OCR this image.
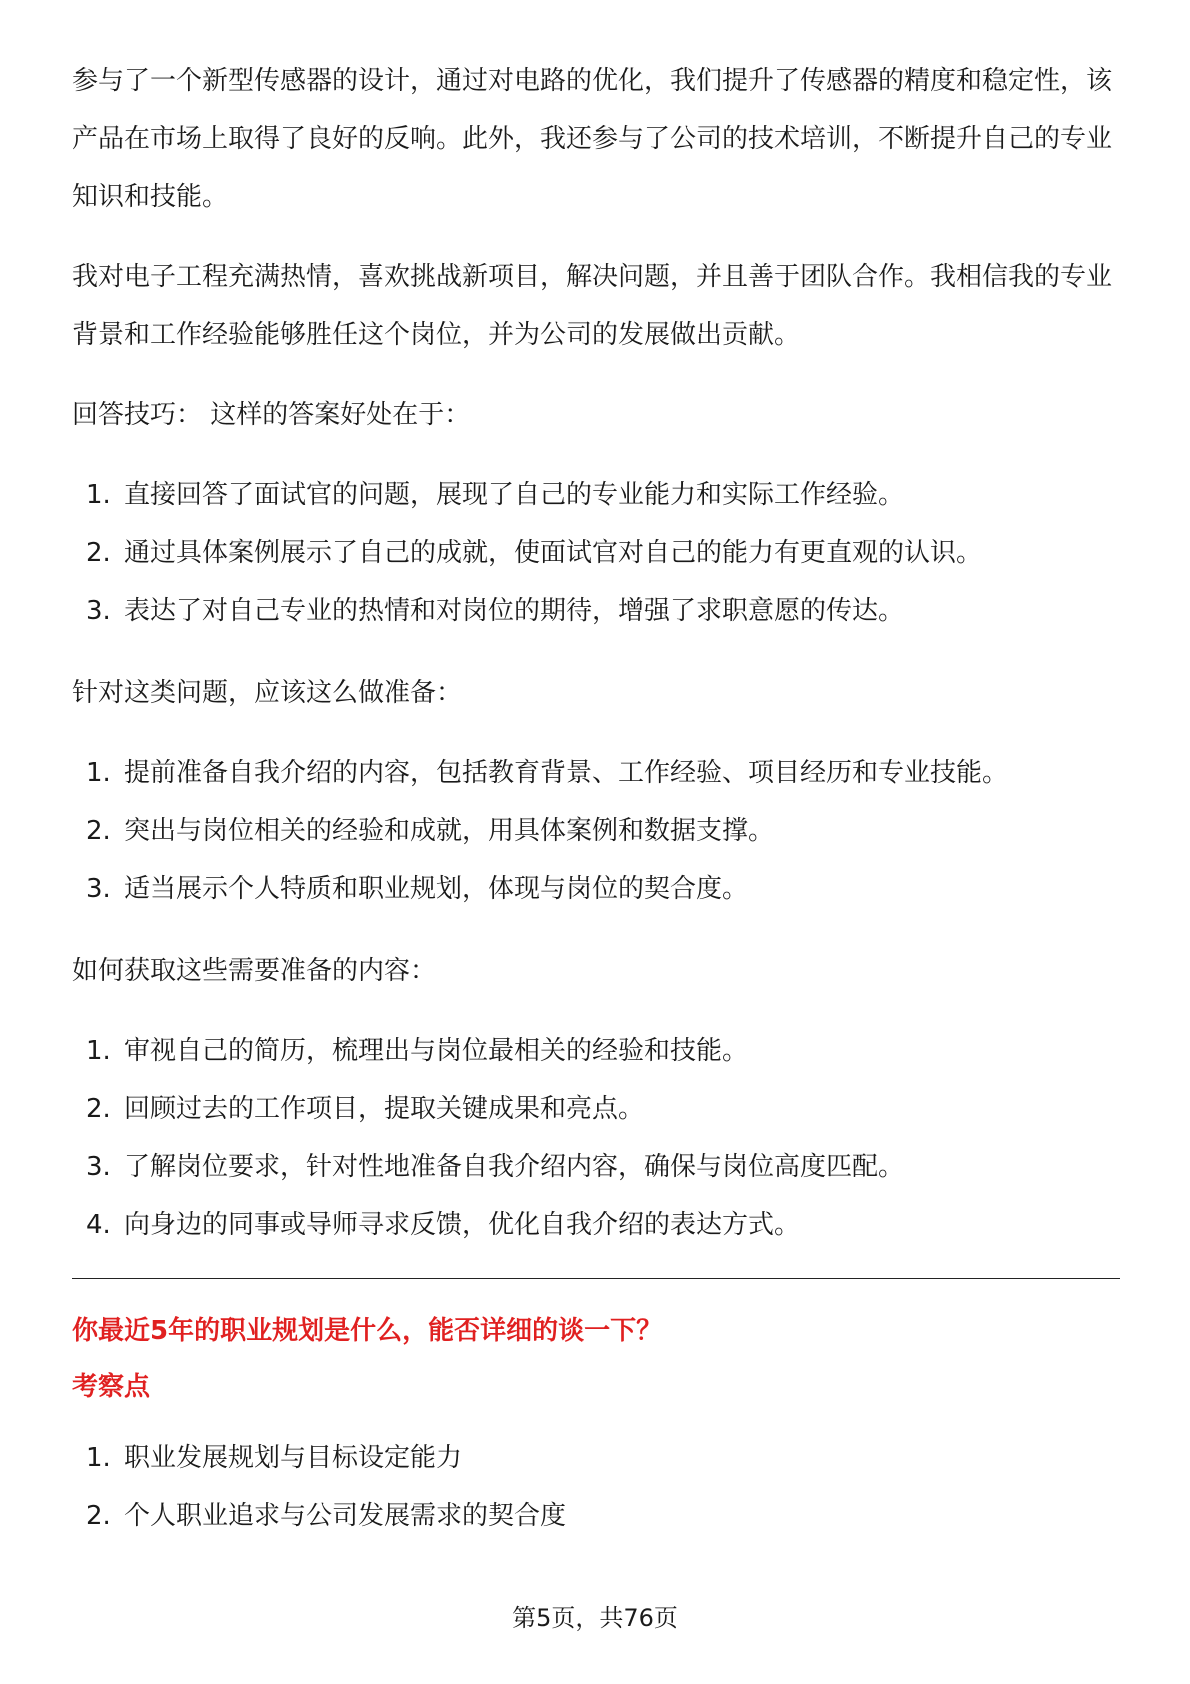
参与了一个新型传感器的设计，通过对电路的优化，我们提升了传感器的精度和稳定性，该产品在市场上取得了良好的反响。此外，我还参与了公司的技术培训，不断提升自己的专业知识和技能。

我对电子工程充满热情，喜欢挑战新项目，解决问题，并且善于团队合作。我相信我的专业背景和工作经验能够胜任这个岗位，并为公司的发展做出贡献。

回答技巧： 这样的答案好处在于：

1. 直接回答了面试官的问题，展现了自己的专业能力和实际工作经验。
2. 通过具体案例展示了自己的成就，使面试官对自己的能力有更直观的认识。
3. 表达了对自己专业的热情和对岗位的期待，增强了求职意愿的传达。

针对这类问题，应该这么做准备：

1. 提前准备自我介绍的内容，包括教育背景、工作经验、项目经历和专业技能。
2. 突出与岗位相关的经验和成就，用具体案例和数据支撑。
3. 适当展示个人特质和职业规划，体现与岗位的契合度。

如何获取这些需要准备的内容：

1. 审视自己的简历，梳理出与岗位最相关的经验和技能。
2. 回顾过去的工作项目，提取关键成果和亮点。
3. 了解岗位要求，针对性地准备自我介绍内容，确保与岗位高度匹配。
4. 向身边的同事或导师寻求反馈，优化自我介绍的表达方式。
你最近5年的职业规划是什么，能否详细的谈一下？
考察点
1. 职业发展规划与目标设定能力
2. 个人职业追求与公司发展需求的契合度
第5页，共76页
